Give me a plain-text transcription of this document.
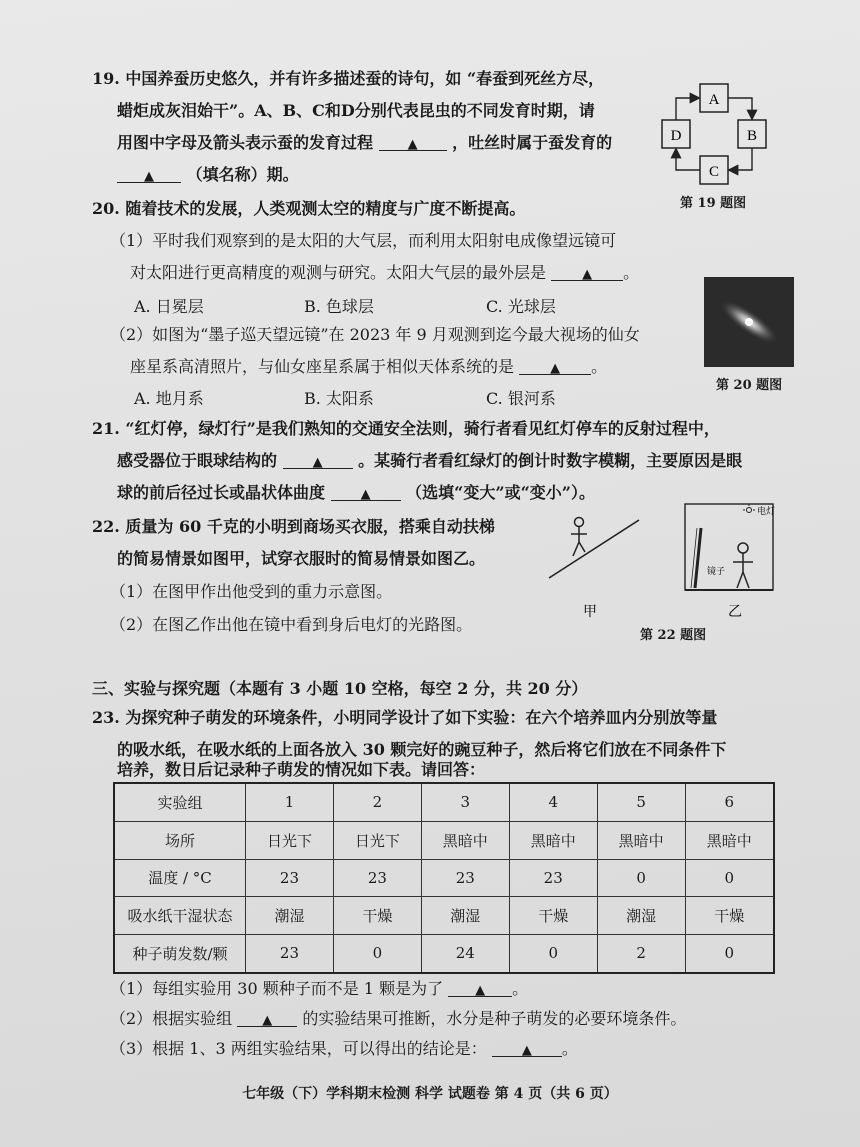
19. 中国养蚕历史悠久，并有许多描述蚕的诗句，如 “春蚕到死丝方尽，
蜡炬成灰泪始干”。A、B、C和D分别代表昆虫的不同发育时期，请
用图中字母及箭头表示蚕的发育过程	▲ ，吐丝时属于蚕发育的
▲ （填名称）期。
A
B
C
D
第 19 题图
20. 随着技术的发展，人类观测太空的精度与广度不断提高。
（1）平时我们观察到的是太阳的大气层，而利用太阳射电成像望远镜可
对太阳进行更高精度的观测与研究。太阳大气层的最外层是	▲ 。
A. 日冕层	B. 色球层	C. 光球层
（2）如图为“墨子巡天望远镜”在 2023 年 9 月观测到迄今最大视场的仙女
座星系高清照片，与仙女座星系属于相似天体系统的是	▲ 。
A. 地月系	B. 太阳系	C. 银河系
第 20 题图
21. “红灯停，绿灯行”是我们熟知的交通安全法则，骑行者看见红灯停车的反射过程中，
感受器位于眼球结构的	▲ 。某骑行者看红绿灯的倒计时数字模糊，主要原因是眼
球的前后径过长或晶状体曲度	▲ （选填“变大”或“变小”）。
22. 质量为 60 千克的小明到商场买衣服，搭乘自动扶梯
的简易情景如图甲，试穿衣服时的简易情景如图乙。
（1）在图甲作出他受到的重力示意图。
（2）在图乙作出他在镜中看到身后电灯的光路图。
甲
电灯
镜子
乙
第 22 题图
三、实验与探究题（本题有 3 小题 10 空格，每空 2 分，共 20 分）
23. 为探究种子萌发的环境条件，小明同学设计了如下实验：在六个培养皿内分别放等量
的吸水纸，在吸水纸的上面各放入 30 颗完好的豌豆种子，然后将它们放在不同条件下
培养，数日后记录种子萌发的情况如下表。请回答：
实验组	1	2	3	4	5	6
场所	日光下	日光下	黑暗中	黑暗中	黑暗中	黑暗中
温度 / °C	23	23	23	23	0	0
吸水纸干湿状态	潮湿	干燥	潮湿	干燥	潮湿	干燥
种子萌发数/颗	23	0	24	0	2	0
（1）每组实验用 30 颗种子而不是 1 颗是为了 ▲ 。
（2）根据实验组 ▲ 的实验结果可推断，水分是种子萌发的必要环境条件。
（3）根据 1、3 两组实验结果，可以得出的结论是：	▲ 。
七年级（下）学科期末检测 科学 试题卷 第 4 页（共 6 页）
